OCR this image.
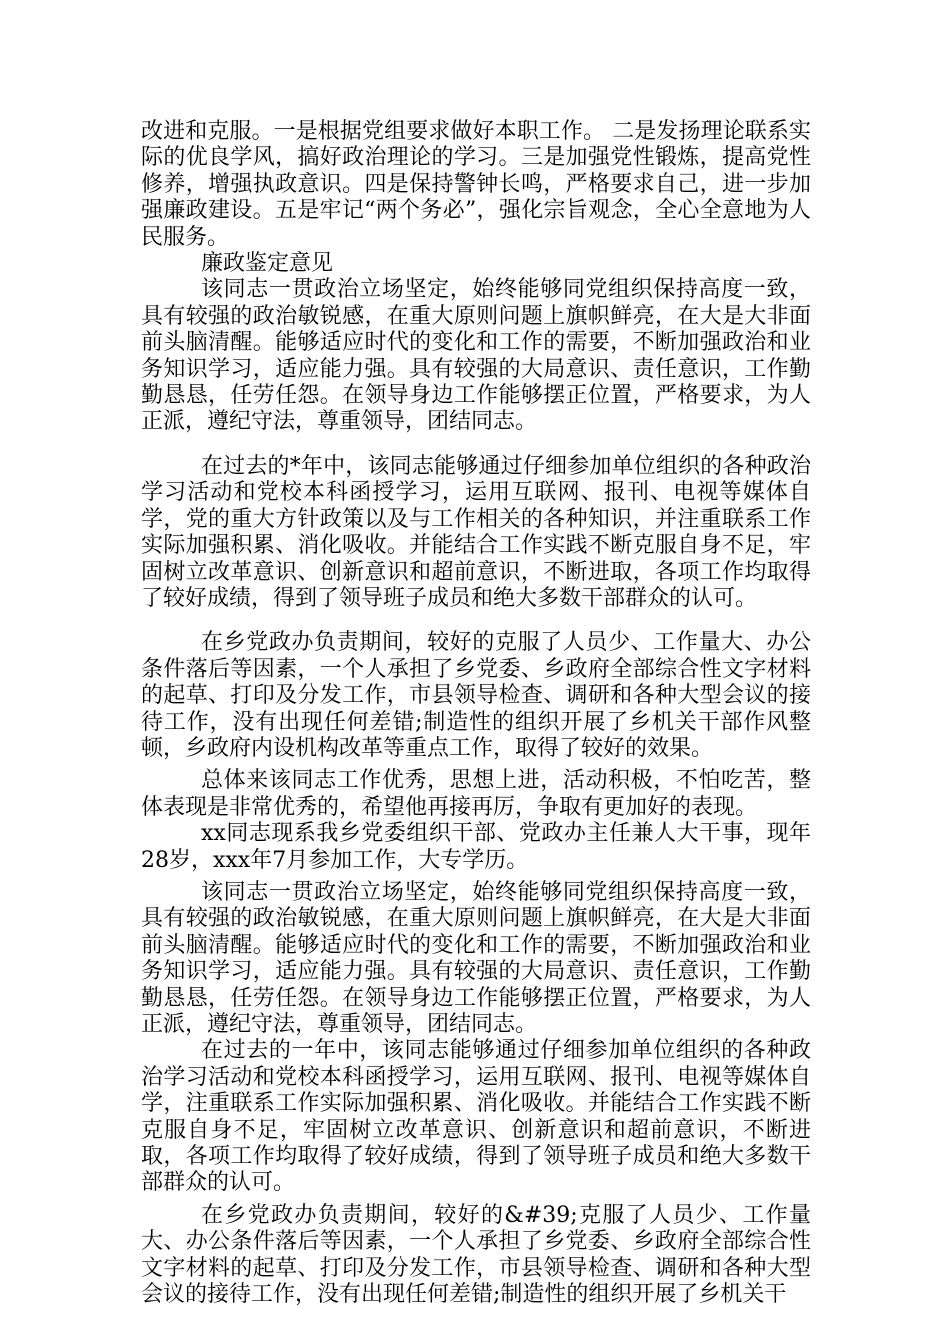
改进和克服。一是根据党组要求做好本职工作。 二是发扬理论联系实际的优良学风，搞好政治理论的学习。三是加强党性锻炼，提高党性修养，增强执政意识。四是保持警钟长鸣，严格要求自己，进一步加强廉政建设。五是牢记“两个务必”，强化宗旨观念，全心全意地为人民服务。

廉政鉴定意见

该同志一贯政治立场坚定，始终能够同党组织保持高度一致，具有较强的政治敏锐感，在重大原则问题上旗帜鲜亮，在大是大非面前头脑清醒。能够适应时代的变化和工作的需要，不断加强政治和业务知识学习，适应能力强。具有较强的大局意识、责任意识，工作勤勤恳恳，任劳任怨。在领导身边工作能够摆正位置，严格要求，为人正派，遵纪守法，尊重领导，团结同志。

在过去的*年中，该同志能够通过仔细参加单位组织的各种政治学习活动和党校本科函授学习，运用互联网、报刊、电视等媒体自学，党的重大方针政策以及与工作相关的各种知识，并注重联系工作实际加强积累、消化吸收。并能结合工作实践不断克服自身不足，牢固树立改革意识、创新意识和超前意识，不断进取，各项工作均取得了较好成绩，得到了领导班子成员和绝大多数干部群众的认可。

在乡党政办负责期间，较好的克服了人员少、工作量大、办公条件落后等因素，一个人承担了乡党委、乡政府全部综合性文字材料的起草、打印及分发工作，市县领导检查、调研和各种大型会议的接待工作，没有出现任何差错;制造性的组织开展了乡机关干部作风整顿，乡政府内设机构改革等重点工作，取得了较好的效果。

总体来该同志工作优秀，思想上进，活动积极，不怕吃苦，整体表现是非常优秀的，希望他再接再厉，争取有更加好的表现。

xx同志现系我乡党委组织干部、党政办主任兼人大干事，现年28岁，xxx年7月参加工作，大专学历。

该同志一贯政治立场坚定，始终能够同党组织保持高度一致，具有较强的政治敏锐感，在重大原则问题上旗帜鲜亮，在大是大非面前头脑清醒。能够适应时代的变化和工作的需要，不断加强政治和业务知识学习，适应能力强。具有较强的大局意识、责任意识，工作勤勤恳恳，任劳任怨。在领导身边工作能够摆正位置，严格要求，为人正派，遵纪守法，尊重领导，团结同志。

在过去的一年中，该同志能够通过仔细参加单位组织的各种政治学习活动和党校本科函授学习，运用互联网、报刊、电视等媒体自学，注重联系工作实际加强积累、消化吸收。并能结合工作实践不断克服自身不足，牢固树立改革意识、创新意识和超前意识，不断进取，各项工作均取得了较好成绩，得到了领导班子成员和绝大多数干部群众的认可。

在乡党政办负责期间，较好的&#39;克服了人员少、工作量大、办公条件落后等因素，一个人承担了乡党委、乡政府全部综合性文字材料的起草、打印及分发工作，市县领导检查、调研和各种大型会议的接待工作，没有出现任何差错;制造性的组织开展了乡机关干
